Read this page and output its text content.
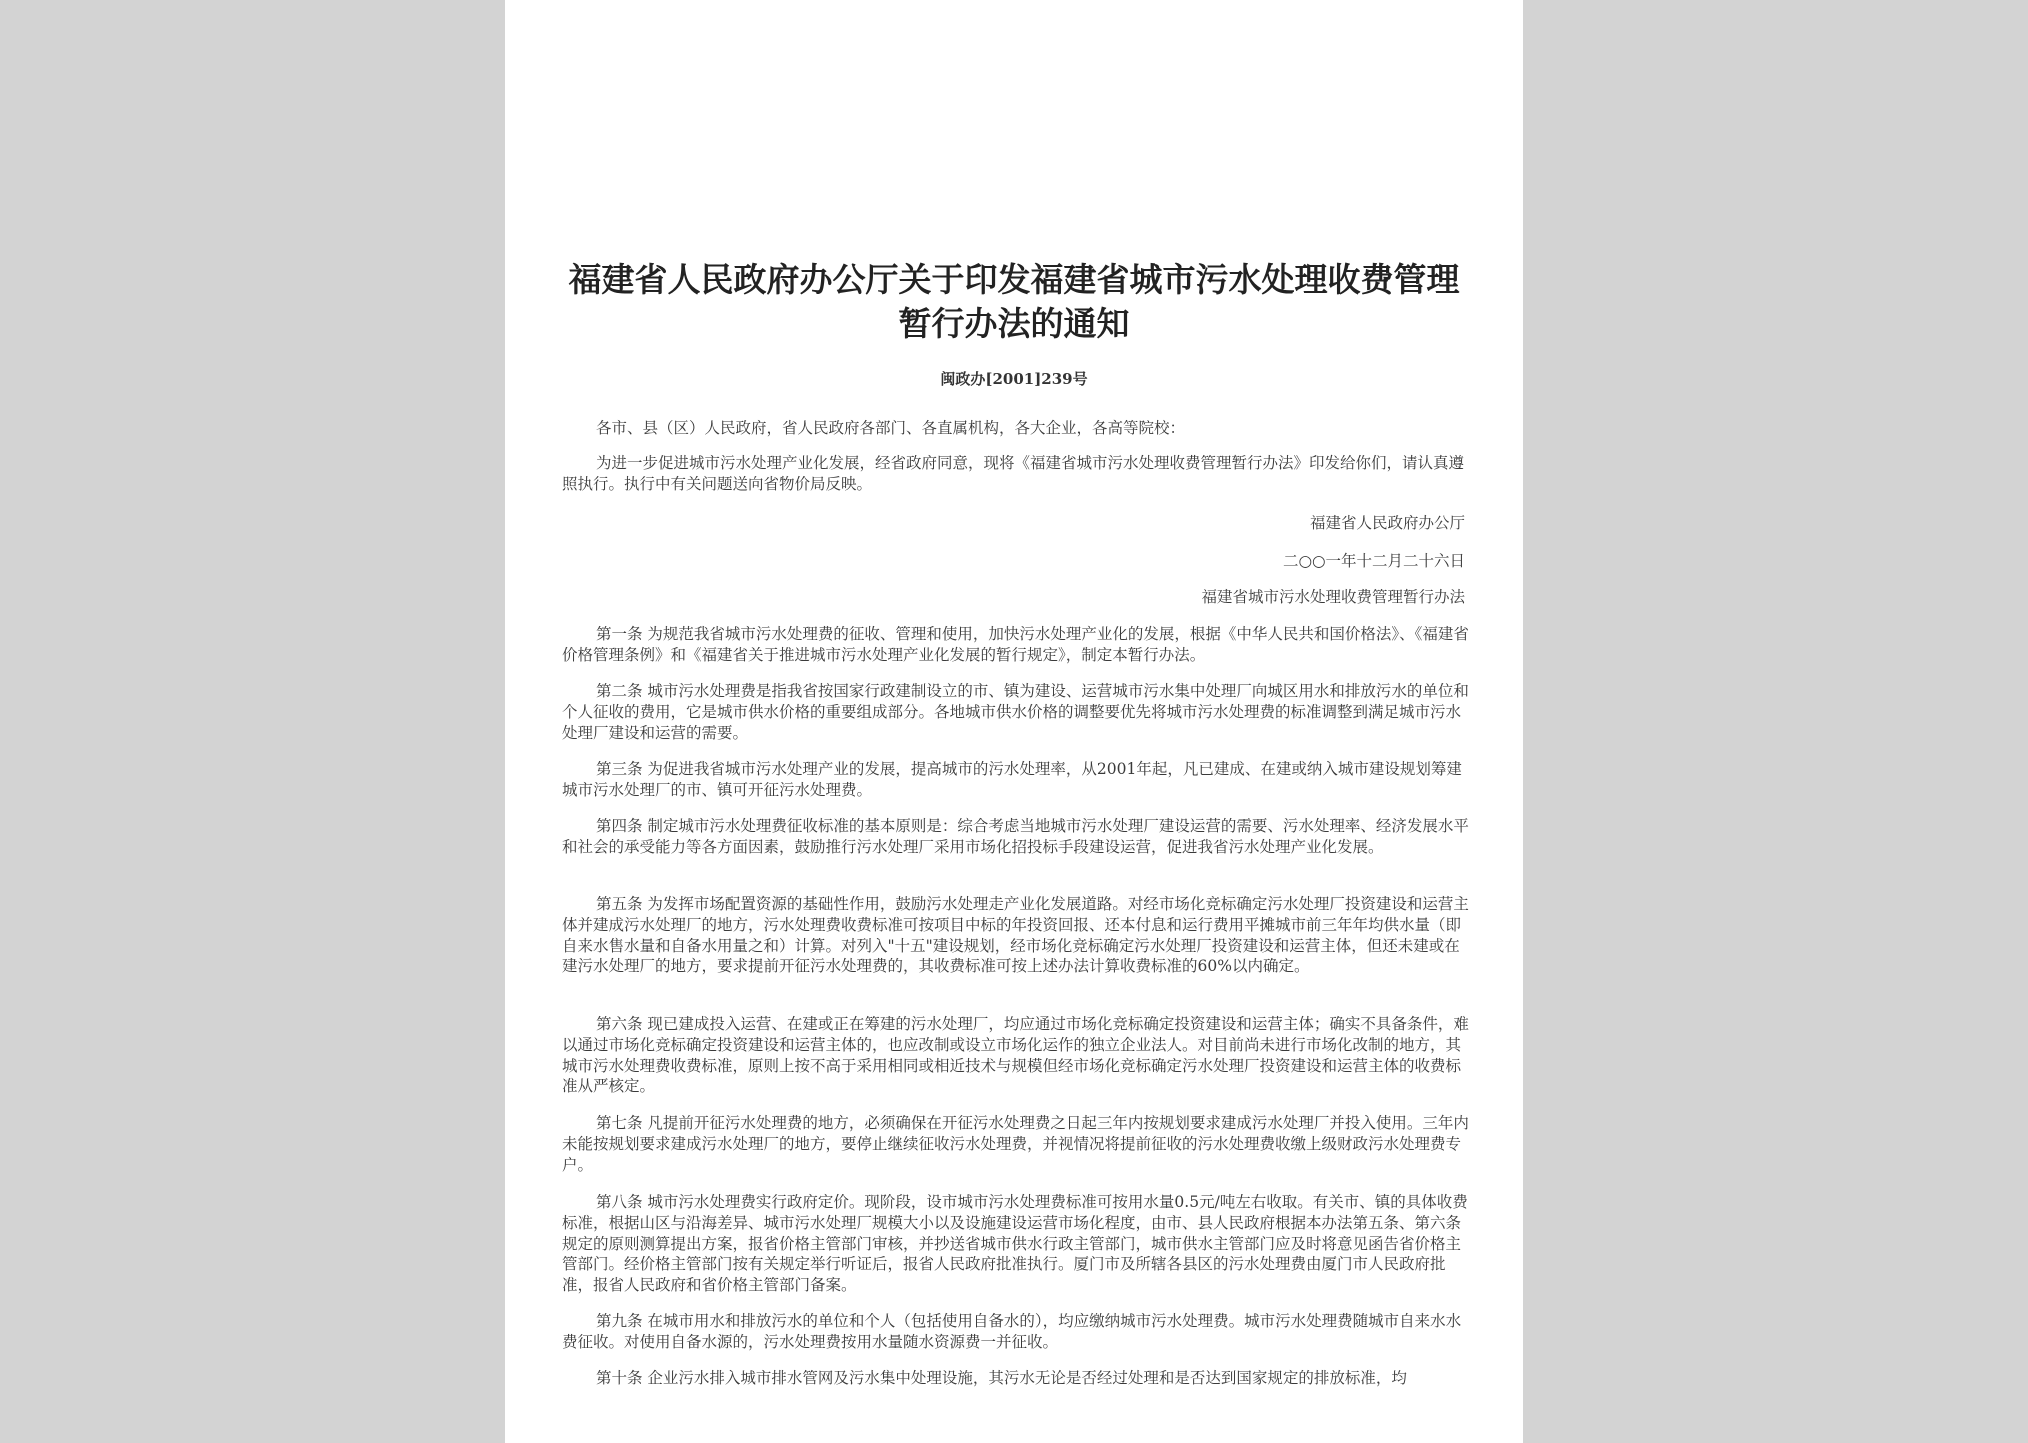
福建省人民政府办公厅关于印发福建省城市污水处理收费管理暂行办法的通知
闽政办[2001]239号

各市、县（区）人民政府，省人民政府各部门、各直属机构，各大企业，各高等院校：

为进一步促进城市污水处理产业化发展，经省政府同意，现将《福建省城市污水处理收费管理暂行办法》印发给你们，请认真遵照执行。执行中有关问题送向省物价局反映。

福建省人民政府办公厅
二○○一年十二月二十六日
福建省城市污水处理收费管理暂行办法

第一条 为规范我省城市污水处理费的征收、管理和使用，加快污水处理产业化的发展，根据《中华人民共和国价格法》、《福建省价格管理条例》和《福建省关于推进城市污水处理产业化发展的暂行规定》，制定本暂行办法。

第二条 城市污水处理费是指我省按国家行政建制设立的市、镇为建设、运营城市污水集中处理厂向城区用水和排放污水的单位和个人征收的费用，它是城市供水价格的重要组成部分。各地城市供水价格的调整要优先将城市污水处理费的标准调整到满足城市污水处理厂建设和运营的需要。

第三条 为促进我省城市污水处理产业的发展，提高城市的污水处理率，从2001年起，凡已建成、在建或纳入城市建设规划筹建城市污水处理厂的市、镇可开征污水处理费。

第四条 制定城市污水处理费征收标准的基本原则是：综合考虑当地城市污水处理厂建设运营的需要、污水处理率、经济发展水平和社会的承受能力等各方面因素，鼓励推行污水处理厂采用市场化招投标手段建设运营，促进我省污水处理产业化发展。

第五条 为发挥市场配置资源的基础性作用，鼓励污水处理走产业化发展道路。对经市场化竞标确定污水处理厂投资建设和运营主体并建成污水处理厂的地方，污水处理费收费标准可按项目中标的年投资回报、还本付息和运行费用平摊城市前三年年均供水量（即自来水售水量和自备水用量之和）计算。对列入"十五"建设规划，经市场化竞标确定污水处理厂投资建设和运营主体，但还未建或在建污水处理厂的地方，要求提前开征污水处理费的，其收费标准可按上述办法计算收费标准的60%以内确定。

第六条 现已建成投入运营、在建或正在筹建的污水处理厂，均应通过市场化竞标确定投资建设和运营主体；确实不具备条件，难以通过市场化竞标确定投资建设和运营主体的，也应改制或设立市场化运作的独立企业法人。对目前尚未进行市场化改制的地方，其城市污水处理费收费标准，原则上按不高于采用相同或相近技术与规模但经市场化竞标确定污水处理厂投资建设和运营主体的收费标准从严核定。

第七条 凡提前开征污水处理费的地方，必须确保在开征污水处理费之日起三年内按规划要求建成污水处理厂并投入使用。三年内未能按规划要求建成污水处理厂的地方，要停止继续征收污水处理费，并视情况将提前征收的污水处理费收缴上级财政污水处理费专户。

第八条 城市污水处理费实行政府定价。现阶段，设市城市污水处理费标准可按用水量0.5元/吨左右收取。有关市、镇的具体收费标准，根据山区与沿海差异、城市污水处理厂规模大小以及设施建设运营市场化程度，由市、县人民政府根据本办法第五条、第六条规定的原则测算提出方案，报省价格主管部门审核，并抄送省城市供水行政主管部门，城市供水主管部门应及时将意见函告省价格主管部门。经价格主管部门按有关规定举行听证后，报省人民政府批准执行。厦门市及所辖各县区的污水处理费由厦门市人民政府批准，报省人民政府和省价格主管部门备案。

第九条 在城市用水和排放污水的单位和个人（包括使用自备水的），均应缴纳城市污水处理费。城市污水处理费随城市自来水水费征收。对使用自备水源的，污水处理费按用水量随水资源费一并征收。

第十条 企业污水排入城市排水管网及污水集中处理设施，其污水无论是否经过处理和是否达到国家规定的排放标准，均
